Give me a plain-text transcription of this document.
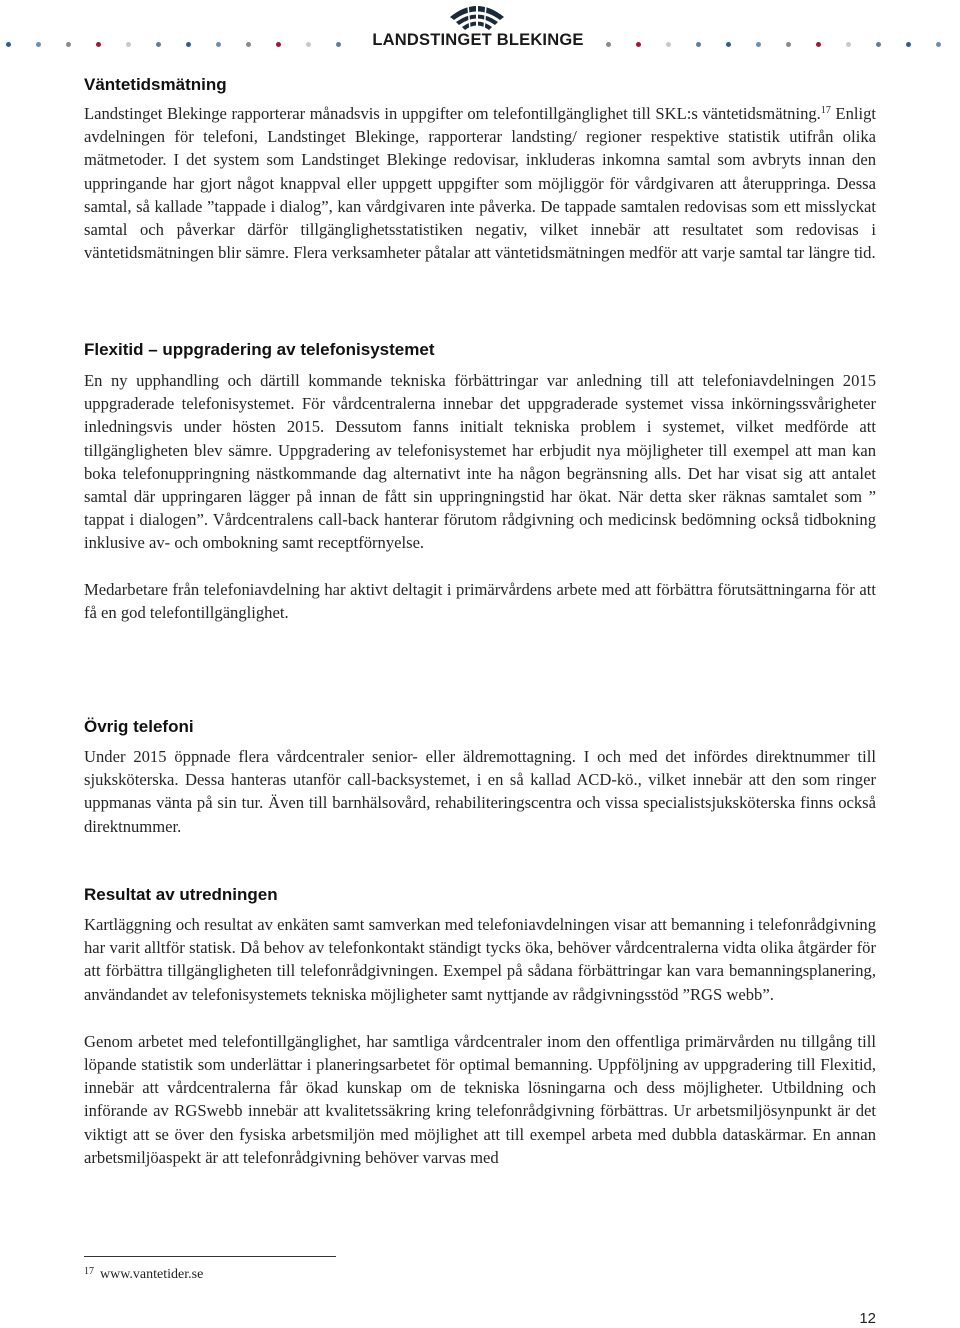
LANDSTINGET BLEKINGE
Väntetidsmätning

Landstinget Blekinge rapporterar månadsvis in uppgifter om telefontillgänglighet till SKL:s väntetidsmätning.$^{17}$ Enligt avdelningen för telefoni, Landstinget Blekinge, rapporterar landsting/ regioner respektive statistik utifrån olika mätmetoder. I det system som Landstinget Blekinge redovisar, inkluderas inkomna samtal som avbryts innan den uppringande har gjort något knappval eller uppgett uppgifter som möjliggör för vårdgivaren att återuppringa. Dessa samtal, så kallade ”tappade i dialog”, kan vårdgivaren inte påverka. De tappade samtalen redovisas som ett misslyckat samtal och påverkar därför tillgänglighetsstatistiken negativ, vilket innebär att resultatet som redovisas i väntetidsmätningen blir sämre. Flera verksamheter påtalar att väntetidsmätningen medför att varje samtal tar längre tid.

Flexitid – uppgradering av telefonisystemet

En ny upphandling och därtill kommande tekniska förbättringar var anledning till att telefoniavdelningen 2015 uppgraderade telefonisystemet. För vårdcentralerna innebar det uppgraderade systemet vissa inkörningssvårigheter inledningsvis under hösten 2015. Dessutom fanns initialt tekniska problem i systemet, vilket medförde att tillgängligheten blev sämre. Uppgradering av telefonisystemet har erbjudit nya möjligheter till exempel att man kan boka telefonuppringning nästkommande dag alternativt inte ha någon begränsning alls. Det har visat sig att antalet samtal där uppringaren lägger på innan de fått sin uppringningstid har ökat. När detta sker räknas samtalet som ” tappat i dialogen”. Vårdcentralens call-back hanterar förutom rådgivning och medicinsk bedömning också tidbokning inklusive av- och ombokning samt receptförnyelse.

Medarbetare från telefoniavdelning har aktivt deltagit i primärvårdens arbete med att förbättra förutsättningarna för att få en god telefontillgänglighet.

Övrig telefoni

Under 2015 öppnade flera vårdcentraler senior- eller äldremottagning. I och med det infördes direktnummer till sjuksköterska. Dessa hanteras utanför call-backsystemet, i en så kallad ACD-kö., vilket innebär att den som ringer uppmanas vänta på sin tur. Även till barnhälsovård, rehabiliteringscentra och vissa specialistsjuksköterska finns också direktnummer.

Resultat av utredningen

Kartläggning och resultat av enkäten samt samverkan med telefoniavdelningen visar att bemanning i telefonrådgivning har varit alltför statisk. Då behov av telefonkontakt ständigt tycks öka, behöver vårdcentralerna vidta olika åtgärder för att förbättra tillgängligheten till telefonrådgivningen. Exempel på sådana förbättringar kan vara bemanningsplanering, användandet av telefonisystemets tekniska möjligheter samt nyttjande av rådgivningsstöd ”RGS webb”.

Genom arbetet med telefontillgänglighet, har samtliga vårdcentraler inom den offentliga primärvården nu tillgång till löpande statistik som underlättar i planeringsarbetet för optimal bemanning. Uppföljning av uppgradering till Flexitid, innebär att vårdcentralerna får ökad kunskap om de tekniska lösningarna och dess möjligheter. Utbildning och införande av RGSwebb innebär att kvalitetssäkring kring telefonrådgivning förbättras. Ur arbetsmiljösynpunkt är det viktigt att se över den fysiska arbetsmiljön med möjlighet att till exempel arbeta med dubbla dataskärmar. En annan arbetsmiljöaspekt är att telefonrådgivning behöver varvas med

$^{17}$ www.vantetider.se
12
